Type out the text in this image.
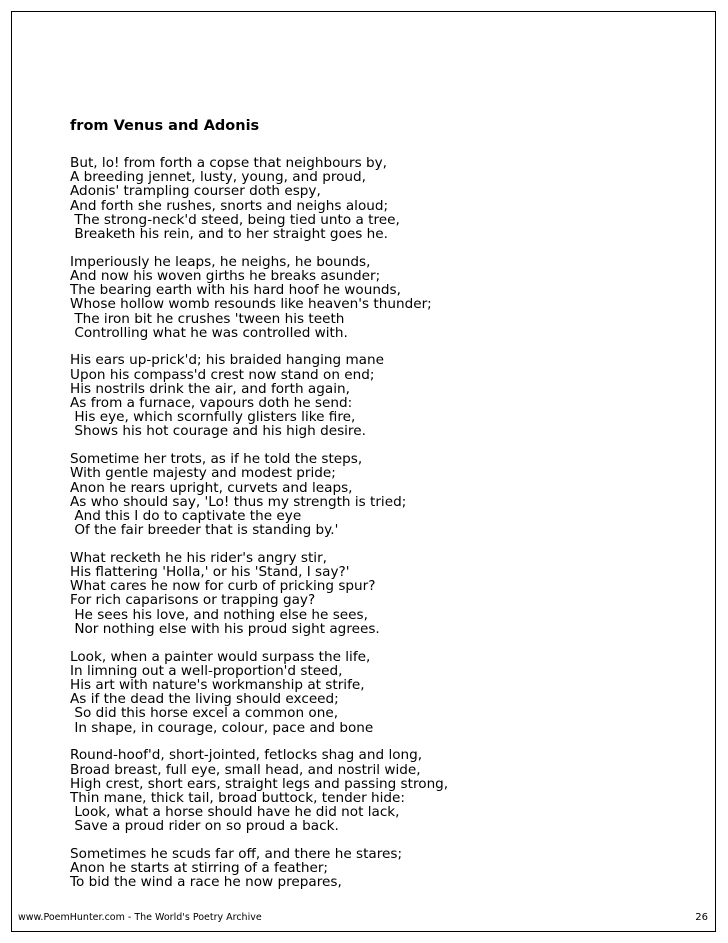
from Venus and Adonis
But, lo! from forth a copse that neighbours by,
A breeding jennet, lusty, young, and proud,
Adonis' trampling courser doth espy,
And forth she rushes, snorts and neighs aloud;
The strong-neck'd steed, being tied unto a tree,
Breaketh his rein, and to her straight goes he.
Imperiously he leaps, he neighs, he bounds,
And now his woven girths he breaks asunder;
The bearing earth with his hard hoof he wounds,
Whose hollow womb resounds like heaven's thunder;
The iron bit he crushes 'tween his teeth
Controlling what he was controlled with.
His ears up-prick'd; his braided hanging mane
Upon his compass'd crest now stand on end;
His nostrils drink the air, and forth again,
As from a furnace, vapours doth he send:
His eye, which scornfully glisters like fire,
Shows his hot courage and his high desire.
Sometime her trots, as if he told the steps,
With gentle majesty and modest pride;
Anon he rears upright, curvets and leaps,
As who should say, 'Lo! thus my strength is tried;
And this I do to captivate the eye
Of the fair breeder that is standing by.'
What recketh he his rider's angry stir,
His flattering 'Holla,' or his 'Stand, I say?'
What cares he now for curb of pricking spur?
For rich caparisons or trapping gay?
He sees his love, and nothing else he sees,
Nor nothing else with his proud sight agrees.
Look, when a painter would surpass the life,
In limning out a well-proportion'd steed,
His art with nature's workmanship at strife,
As if the dead the living should exceed;
So did this horse excel a common one,
In shape, in courage, colour, pace and bone
Round-hoof'd, short-jointed, fetlocks shag and long,
Broad breast, full eye, small head, and nostril wide,
High crest, short ears, straight legs and passing strong,
Thin mane, thick tail, broad buttock, tender hide:
Look, what a horse should have he did not lack,
Save a proud rider on so proud a back.
Sometimes he scuds far off, and there he stares;
Anon he starts at stirring of a feather;
To bid the wind a race he now prepares,
www.PoemHunter.com - The World's Poetry Archive	26
